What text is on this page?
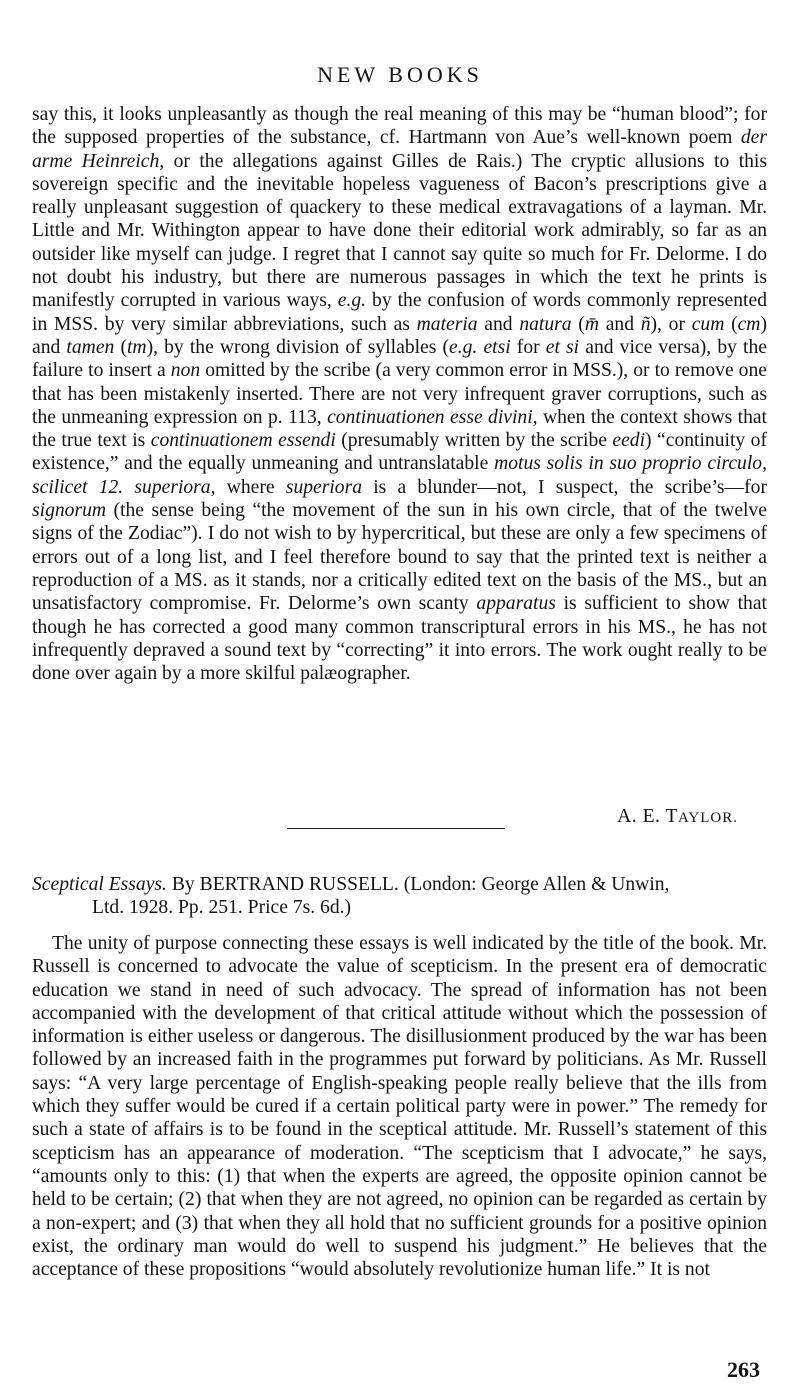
NEW BOOKS

say this, it looks unpleasantly as though the real meaning of this may be “human blood”; for the supposed properties of the substance, cf. Hartmann von Aue’s well-known poem der arme Heinreich, or the allegations against Gilles de Rais.) The cryptic allusions to this sovereign specific and the inevitable hopeless vagueness of Bacon’s prescriptions give a really unpleasant suggestion of quackery to these medical extravagations of a layman. Mr. Little and Mr. Withington appear to have done their editorial work admirably, so far as an outsider like myself can judge. I regret that I cannot say quite so much for Fr. Delorme. I do not doubt his industry, but there are numerous passages in which the text he prints is manifestly corrupted in various ways, e.g. by the confusion of words commonly represented in MSS. by very similar abbreviations, such as materia and natura (m̄ and ñ), or cum (cm) and tamen (tm), by the wrong division of syllables (e.g. etsi for et si and vice versa), by the failure to insert a non omitted by the scribe (a very common error in MSS.), or to remove one that has been mistakenly inserted. There are not very infrequent graver corruptions, such as the unmeaning expression on p. 113, continuationen esse divini, when the context shows that the true text is continuationem essendi (presumably written by the scribe eedi) “continuity of existence,” and the equally unmeaning and untranslatable motus solis in suo proprio circulo, scilicet 12. superiora, where superiora is a blunder—not, I suspect, the scribe’s—for signorum (the sense being “the movement of the sun in his own circle, that of the twelve signs of the Zodiac”). I do not wish to by hypercritical, but these are only a few specimens of errors out of a long list, and I feel therefore bound to say that the printed text is neither a reproduction of a MS. as it stands, nor a critically edited text on the basis of the MS., but an unsatisfactory compromise. Fr. Delorme’s own scanty apparatus is sufficient to show that though he has corrected a good many common transcriptural errors in his MS., he has not infrequently depraved a sound text by “correcting” it into errors. The work ought really to be done over again by a more skilful palæographer.

A. E. TAYLOR.

Sceptical Essays. By BERTRAND RUSSELL. (London: George Allen & Unwin,
Ltd. 1928. Pp. 251. Price 7s. 6d.)

The unity of purpose connecting these essays is well indicated by the title of the book. Mr. Russell is concerned to advocate the value of scepticism. In the present era of democratic education we stand in need of such advocacy. The spread of information has not been accompanied with the development of that critical attitude without which the possession of information is either useless or dangerous. The disillusionment produced by the war has been followed by an increased faith in the programmes put forward by politicians. As Mr. Russell says: “A very large percentage of English-speaking people really believe that the ills from which they suffer would be cured if a certain political party were in power.” The remedy for such a state of affairs is to be found in the sceptical attitude. Mr. Russell’s statement of this scepticism has an appearance of moderation. “The scepticism that I advocate,” he says, “amounts only to this: (1) that when the experts are agreed, the opposite opinion cannot be held to be certain; (2) that when they are not agreed, no opinion can be regarded as certain by a non-expert; and (3) that when they all hold that no sufficient grounds for a positive opinion exist, the ordinary man would do well to suspend his judgment.” He believes that the acceptance of these propositions “would absolutely revolutionize human life.” It is not

263
